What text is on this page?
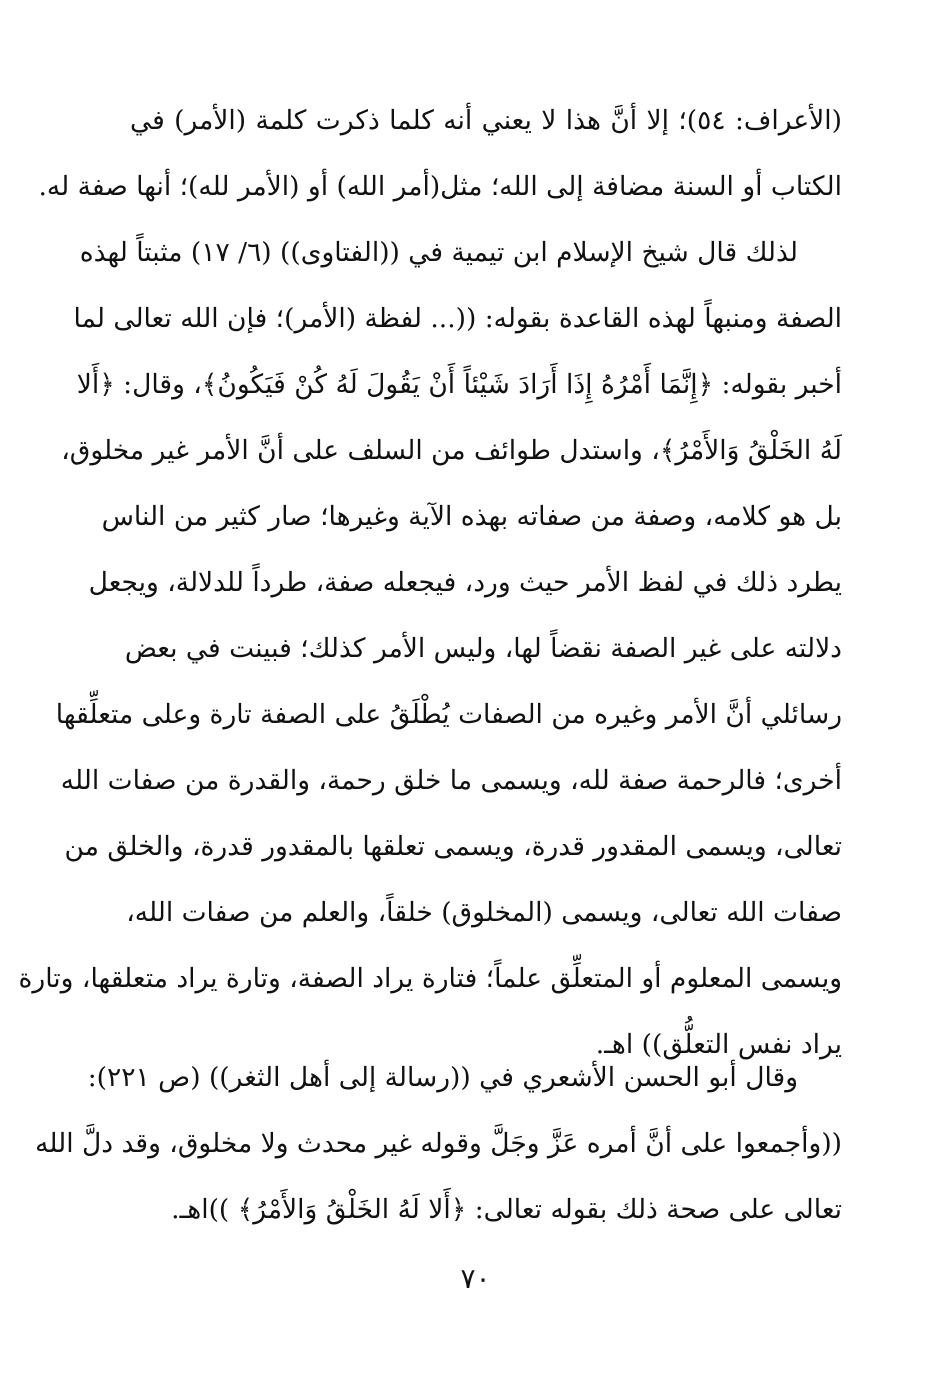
(الأعراف: ٥٤)؛ إلا أنَّ هذا لا يعني أنه كلما ذكرت كلمة (الأمر) في
الكتاب أو السنة مضافة إلى الله؛ مثل(أمر الله) أو (الأمر لله)؛ أنها صفة له.
لذلك قال شيخ الإسلام ابن تيمية في ((الفتاوى)) (٦/ ١٧) مثبتاً لهذه
الصفة ومنبهاً لهذه القاعدة بقوله: ((... لفظة (الأمر)؛ فإن الله تعالى لما
أخبر بقوله: ﴿إِنَّمَا أَمْرُهُ إِذَا أَرَادَ شَيْئاً أَنْ يَقُولَ لَهُ كُنْ فَيَكُونُ﴾، وقال: ﴿أَلا
لَهُ الخَلْقُ وَالأَمْرُ﴾، واستدل طوائف من السلف على أنَّ الأمر غير مخلوق،
بل هو كلامه، وصفة من صفاته بهذه الآية وغيرها؛ صار كثير من الناس
يطرد ذلك في لفظ الأمر حيث ورد، فيجعله صفة، طرداً للدلالة، ويجعل
دلالته على غير الصفة نقضاً لها، وليس الأمر كذلك؛ فبينت في بعض
رسائلي أنَّ الأمر وغيره من الصفات يُطْلَقُ على الصفة تارة وعلى متعلِّقها
أخرى؛ فالرحمة صفة لله، ويسمى ما خلق رحمة، والقدرة من صفات الله
تعالى، ويسمى المقدور قدرة، ويسمى تعلقها بالمقدور قدرة، والخلق من
صفات الله تعالى، ويسمى (المخلوق) خلقاً، والعلم من صفات الله،
ويسمى المعلوم أو المتعلِّق علماً؛ فتارة يراد الصفة، وتارة يراد متعلقها، وتارة
يراد نفس التعلُّق)) اهـ.
وقال أبو الحسن الأشعري في ((رسالة إلى أهل الثغر)) (ص ٢٢١):
((وأجمعوا على أنَّ أمره عَزَّ وجَلَّ وقوله غير محدث ولا مخلوق، وقد دلَّ الله
تعالى على صحة ذلك بقوله تعالى: ﴿أَلا لَهُ الخَلْقُ وَالأَمْرُ﴾ ))اهـ.
٧٠
